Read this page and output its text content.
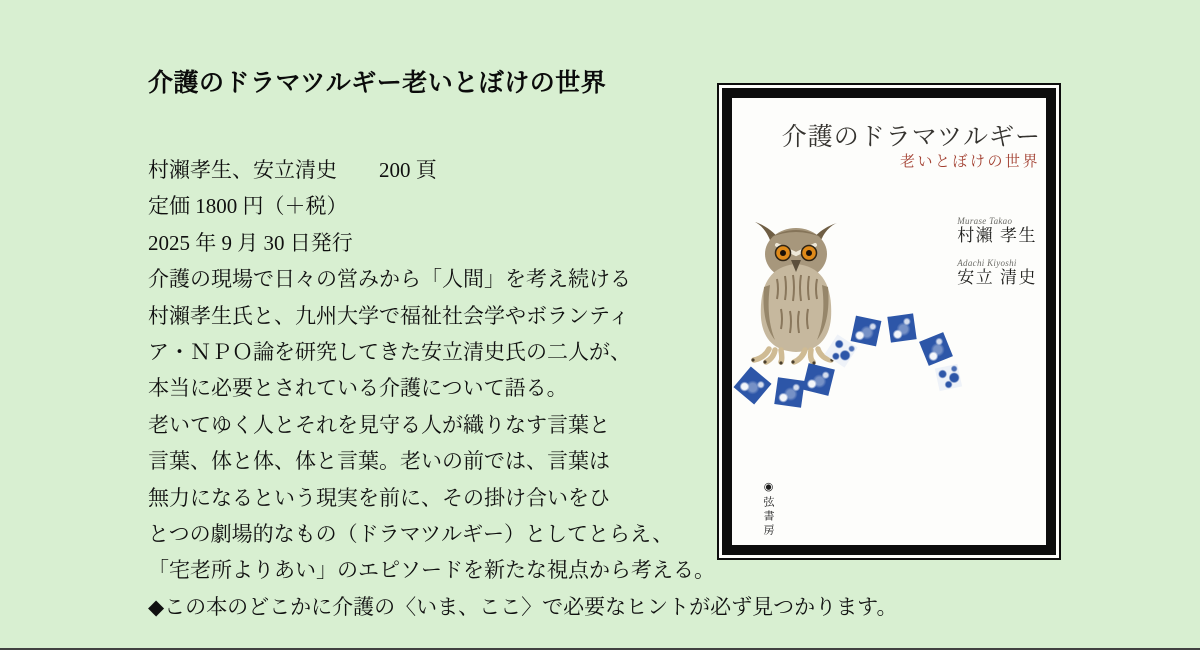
介護のドラマツルギー老いとぼけの世界
村瀨孝生、安立清史　　200 頁
定価 1800 円（＋税）
2025 年 9 月 30 日発行
介護の現場で日々の営みから「人間」を考え続ける
村瀨孝生氏と、九州大学で福祉社会学やボランティ
ア・ＮＰＯ論を研究してきた安立清史氏の二人が、
本当に必要とされている介護について語る。
老いてゆく人とそれを見守る人が織りなす言葉と
言葉、体と体、体と言葉。老いの前では、言葉は
無力になるという現実を前に、その掛け合いをひ
とつの劇場的なもの（ドラマツルギー）としてとらえ、
「宅老所よりあい」のエピソードを新たな視点から考える。
◆この本のどこかに介護の〈いま、ここ〉で必要なヒントが必ず見つかります。
介護のドラマツルギー
老いとぼけの世界
Murase Takao
村瀨 孝生
Adachi Kiyoshi
安立 清史
◉弦書房
